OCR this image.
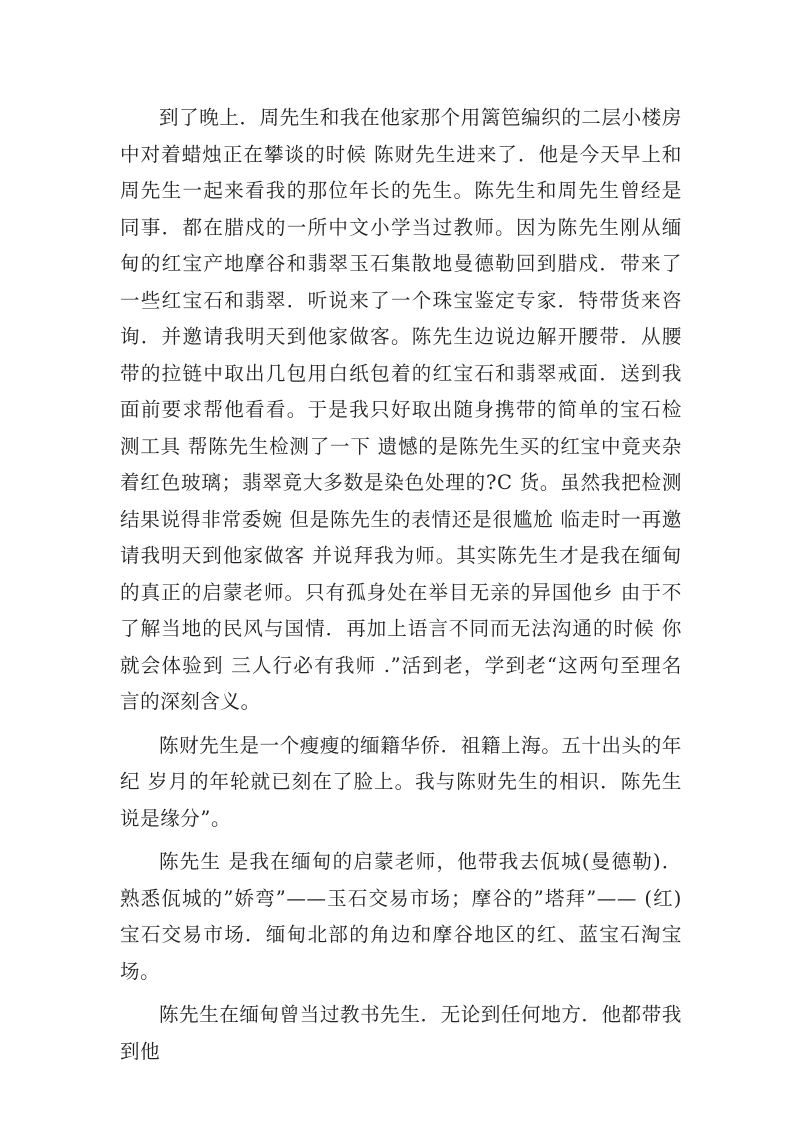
到了晚上．周先生和我在他家那个用篱笆编织的二层小楼房中对着蜡烛正在攀谈的时候 陈财先生进来了．他是今天早上和周先生一起来看我的那位年长的先生。陈先生和周先生曾经是同事．都在腊戍的一所中文小学当过教师。因为陈先生刚从缅甸的红宝产地摩谷和翡翠玉石集散地曼德勒回到腊戍．带来了一些红宝石和翡翠．听说来了一个珠宝鉴定专家．特带货来咨询．并邀请我明天到他家做客。陈先生边说边解开腰带．从腰带的拉链中取出几包用白纸包着的红宝石和翡翠戒面．送到我面前要求帮他看看。于是我只好取出随身携带的简单的宝石检测工具 帮陈先生检测了一下 遗憾的是陈先生买的红宝中竟夹杂着红色玻璃；翡翠竟大多数是染色处理的?C 货。虽然我把检测结果说得非常委婉 但是陈先生的表情还是很尴尬 临走时一再邀请我明天到他家做客 并说拜我为师。其实陈先生才是我在缅甸的真正的启蒙老师。只有孤身处在举目无亲的异国他乡 由于不了解当地的民风与国情．再加上语言不同而无法沟通的时候 你就会体验到 三人行必有我师 .”活到老，学到老“这两句至理名言的深刻含义。

陈财先生是一个瘦瘦的缅籍华侨．祖籍上海。五十出头的年纪 岁月的年轮就已刻在了脸上。我与陈财先生的相识．陈先生说是缘分”。

陈先生 是我在缅甸的启蒙老师，他带我去佤城(曼德勒)．熟悉佤城的”娇弯”——玉石交易市场；摩谷的”塔拜”—— (红)宝石交易市场．缅甸北部的角边和摩谷地区的红、蓝宝石淘宝场。

陈先生在缅甸曾当过教书先生．无论到任何地方．他都带我到他
